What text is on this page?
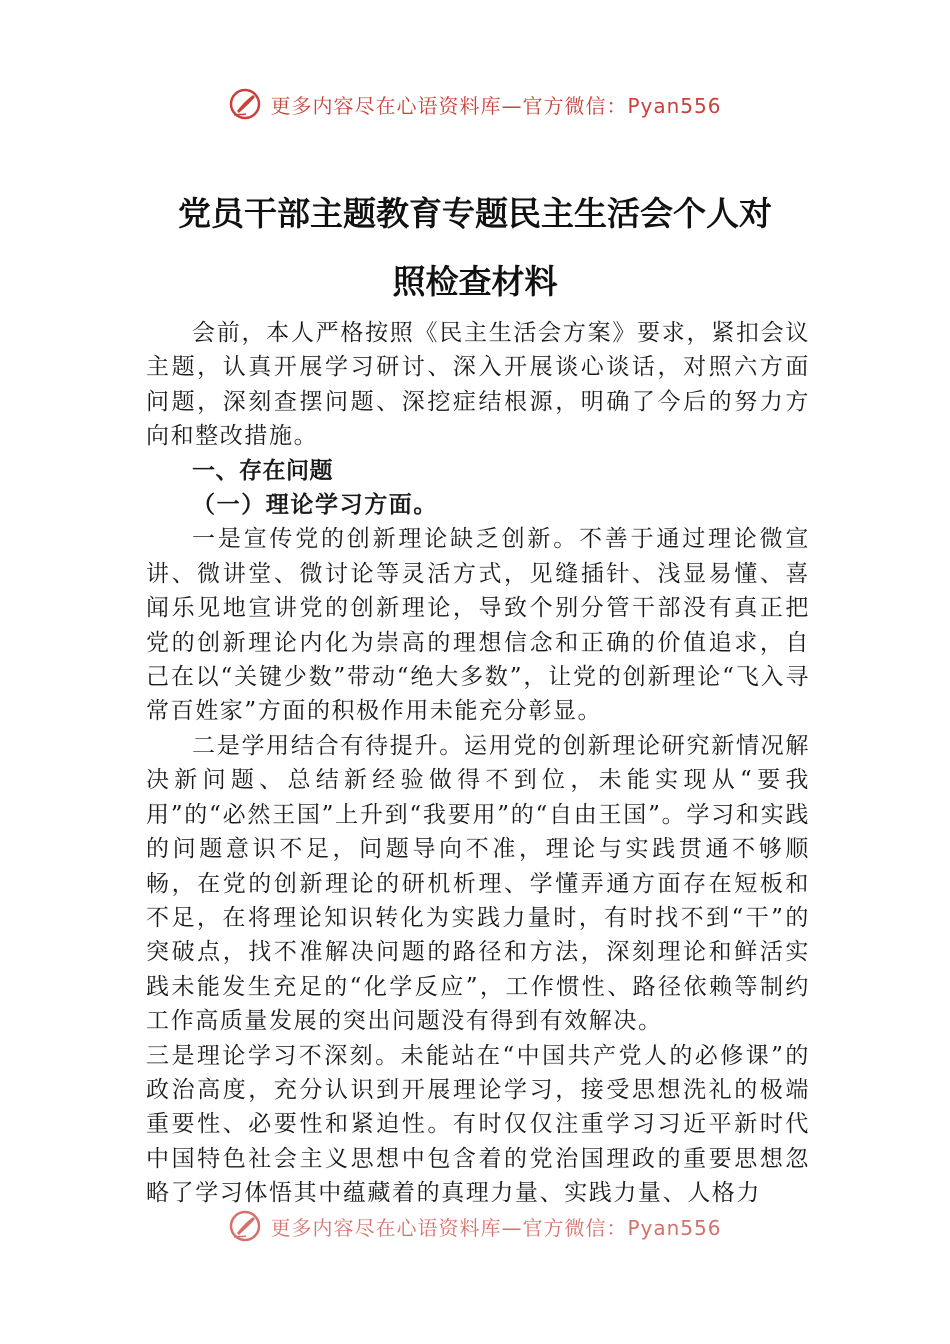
更多内容尽在心语资料库—官方微信：Pyan556
党员干部主题教育专题民主生活会个人对
照检查材料

会前，本人严格按照《民主生活会方案》要求，紧扣会议主题，认真开展学习研讨、深入开展谈心谈话，对照六方面问题，深刻查摆问题、深挖症结根源，明确了今后的努力方向和整改措施。

一、存在问题

（一）理论学习方面。

一是宣传党的创新理论缺乏创新。不善于通过理论微宣讲、微讲堂、微讨论等灵活方式，见缝插针、浅显易懂、喜闻乐见地宣讲党的创新理论，导致个别分管干部没有真正把党的创新理论内化为崇高的理想信念和正确的价值追求，自己在以“关键少数”带动“绝大多数”，让党的创新理论“飞入寻常百姓家”方面的积极作用未能充分彰显。

二是学用结合有待提升。运用党的创新理论研究新情况解决新问题、总结新经验做得不到位，未能实现从“要我用”的“必然王国”上升到“我要用”的“自由王国”。学习和实践的问题意识不足，问题导向不准，理论与实践贯通不够顺畅，在党的创新理论的研机析理、学懂弄通方面存在短板和不足，在将理论知识转化为实践力量时，有时找不到“干”的突破点，找不准解决问题的路径和方法，深刻理论和鲜活实践未能发生充足的“化学反应”，工作惯性、路径依赖等制约工作高质量发展的突出问题没有得到有效解决。

三是理论学习不深刻。未能站在“中国共产党人的必修课”的政治高度，充分认识到开展理论学习，接受思想洗礼的极端重要性、必要性和紧迫性。有时仅仅注重学习习近平新时代中国特色社会主义思想中包含着的党治国理政的重要思想忽略了学习体悟其中蕴藏着的真理力量、实践力量、人格力

更多内容尽在心语资料库—官方微信：Pyan556
